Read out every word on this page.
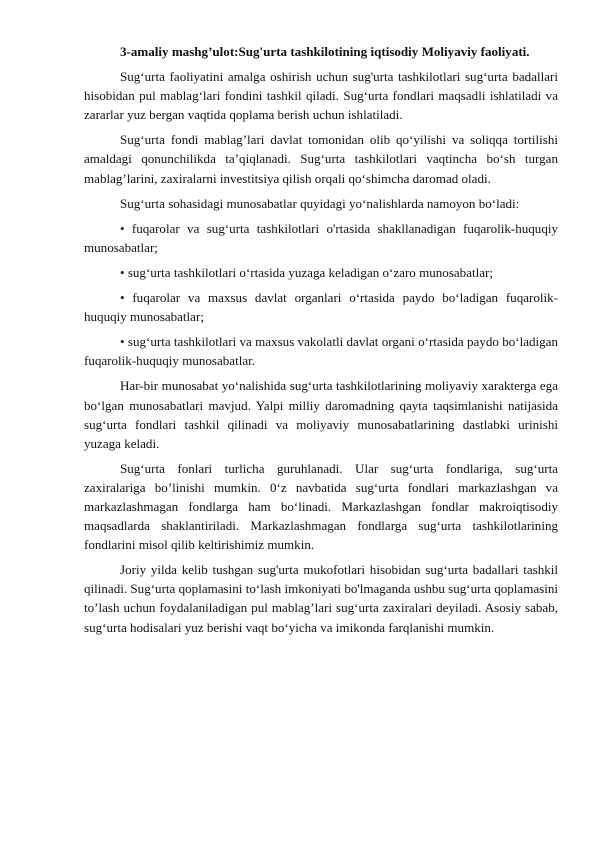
3-amaliy mashg’ulot:Sug'urta tashkilotining iqtisodiy Moliyaviy faoliyati.

Sug‘urta faoliyatini amalga oshirish uchun sug'urta tashkilotlari sug‘urta badallari hisobidan pul mablag‘lari fondini tashkil qiladi. Sug‘urta fondlari maqsadli ishlatiladi va zararlar yuz bergan vaqtida qoplama berish uchun ishlatiladi.

Sug‘urta fondi mablag’lari davlat tomonidan olib qo‘yilishi va soliqqa tortilishi amaldagi qonunchilikda ta’qiqlanadi. Sug‘urta tashkilotlari vaqtincha bo‘sh turgan mablag’larini, zaxiralarni investitsiya qilish orqali qo‘shimcha daromad oladi.

Sug‘urta sohasidagi munosabatlar quyidagi yo‘nalishlarda namoyon bo‘ladi:

• fuqarolar va sug‘urta tashkilotlari o'rtasida shakllanadigan fuqarolik-huquqiy munosabatlar;

• sug‘urta tashkilotlari o‘rtasida yuzaga keladigan o‘zaro munosabatlar;

• fuqarolar va maxsus davlat organlari o‘rtasida paydo bo‘ladigan fuqarolik-huquqiy munosabatlar;

• sug‘urta tashkilotlari va maxsus vakolatli davlat organi o‘rtasida paydo bo‘ladigan fuqarolik-huquqiy munosabatlar.

Har-bir munosabat yo‘nalishida sug‘urta tashkilotlarining moliyaviy xarakterga ega bo‘lgan munosabatlari mavjud. Yalpi milliy daromadning qayta taqsimlanishi natijasida sug‘urta fondlari tashkil qilinadi va moliyaviy munosabatlarining dastlabki urinishi yuzaga keladi.

Sug‘urta fonlari turlicha guruhlanadi. Ular sug‘urta fondlariga, sug‘urta zaxiralariga bo’linishi mumkin. 0‘z navbatida sug‘urta fondlari markazlashgan va markazlashmagan fondlarga ham bo‘linadi. Markazlashgan fondlar makroiqtisodiy maqsadlarda shaklantiriladi. Markazlashmagan fondlarga sug‘urta tashkilotlarining fondlarini misol qilib keltirishimiz mumkin.

Joriy yilda kelib tushgan sug'urta mukofotlari hisobidan sug‘urta badallari tashkil qilinadi. Sug‘urta qoplamasini to‘lash imkoniyati bo'lmaganda ushbu sug‘urta qoplamasini to’lash uchun foydalaniladigan pul mablag’lari sug‘urta zaxiralari deyiladi. Asosiy sabab, sug‘urta hodisalari yuz berishi vaqt bo‘yicha va imikonda farqlanishi mumkin.
